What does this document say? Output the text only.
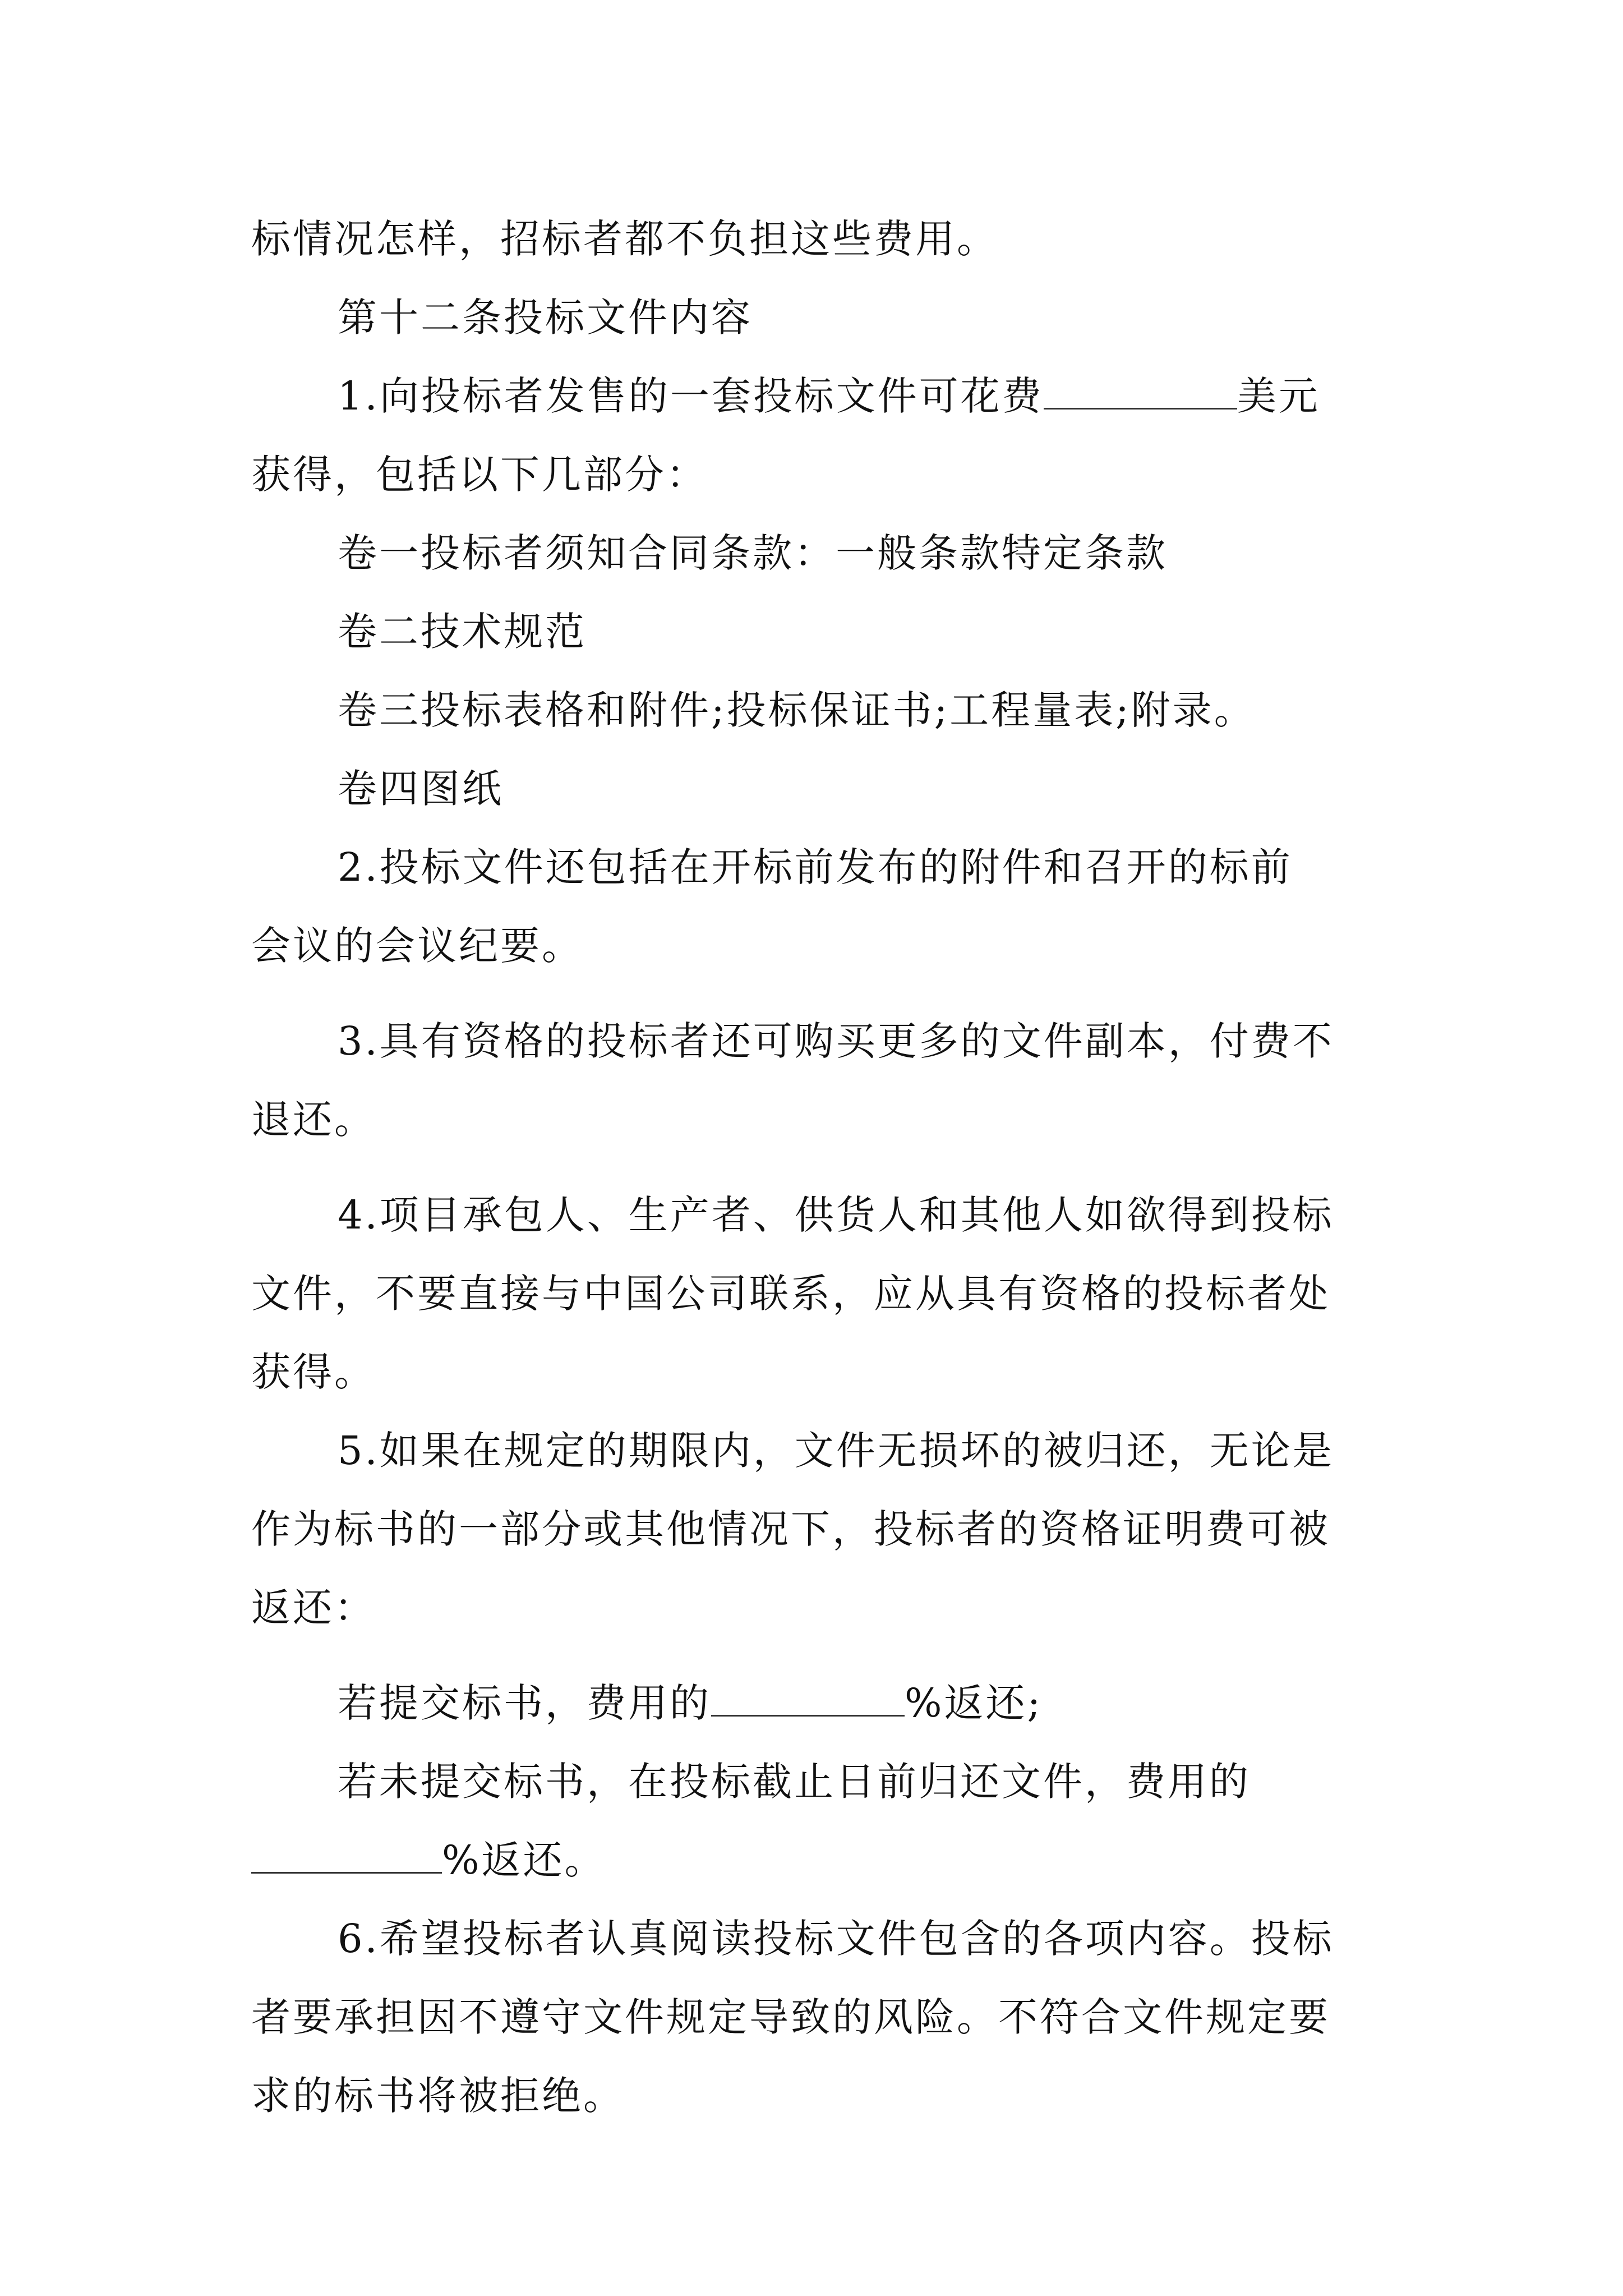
标情况怎样，招标者都不负担这些费用。
第十二条投标文件内容
1.向投标者发售的一套投标文件可花费	美元
获得，包括以下几部分：
卷一投标者须知合同条款：一般条款特定条款
卷二技术规范
卷三投标表格和附件;投标保证书;工程量表;附录。
卷四图纸
2.投标文件还包括在开标前发布的附件和召开的标前
会议的会议纪要。
3.具有资格的投标者还可购买更多的文件副本，付费不
退还。
4.项目承包人、生产者、供货人和其他人如欲得到投标
文件，不要直接与中国公司联系，应从具有资格的投标者处
获得。
5.如果在规定的期限内，文件无损坏的被归还，无论是
作为标书的一部分或其他情况下，投标者的资格证明费可被
返还：
若提交标书，费用的	%返还;
若未提交标书，在投标截止日前归还文件，费用的
%返还。
6.希望投标者认真阅读投标文件包含的各项内容。投标
者要承担因不遵守文件规定导致的风险。不符合文件规定要
求的标书将被拒绝。
